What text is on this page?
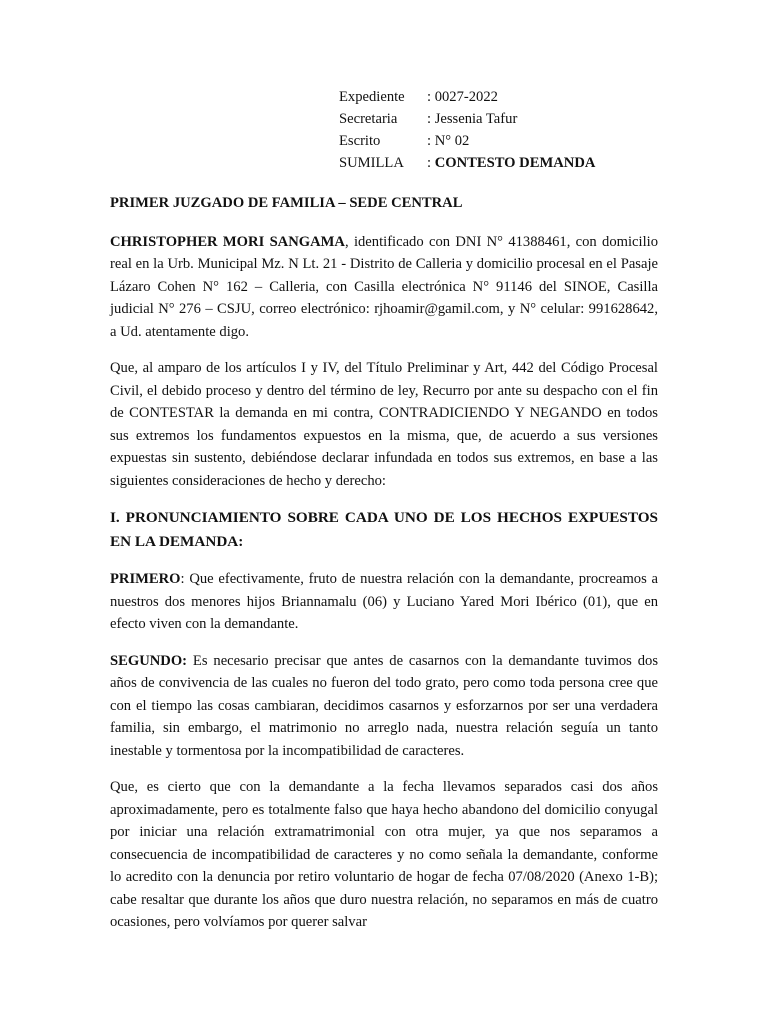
Expediente	: 0027-2022
Secretaria	: Jessenia Tafur
Escrito	: N° 02
SUMILLA	: CONTESTO DEMANDA
PRIMER JUZGADO DE FAMILIA – SEDE CENTRAL

CHRISTOPHER MORI SANGAMA, identificado con DNI N° 41388461, con domicilio real en la Urb. Municipal Mz. N Lt. 21 - Distrito de Calleria y domicilio procesal en el Pasaje Lázaro Cohen N° 162 – Calleria, con Casilla electrónica N° 91146 del SINOE, Casilla judicial N° 276 – CSJU, correo electrónico: rjhoamir@gamil.com, y N° celular: 991628642, a Ud. atentamente digo.

Que, al amparo de los artículos I y IV, del Título Preliminar y Art, 442 del Código Procesal Civil, el debido proceso y dentro del término de ley, Recurro por ante su despacho con el fin de CONTESTAR la demanda en mi contra, CONTRADICIENDO Y NEGANDO en todos sus extremos los fundamentos expuestos en la misma, que, de acuerdo a sus versiones expuestas sin sustento, debiéndose declarar infundada en todos sus extremos, en base a las siguientes consideraciones de hecho y derecho:

I. PRONUNCIAMIENTO SOBRE CADA UNO DE LOS HECHOS EXPUESTOS EN LA DEMANDA:

PRIMERO: Que efectivamente, fruto de nuestra relación con la demandante, procreamos a nuestros dos menores hijos Briannamalu (06) y Luciano Yared Mori Ibérico (01), que en efecto viven con la demandante.

SEGUNDO: Es necesario precisar que antes de casarnos con la demandante tuvimos dos años de convivencia de las cuales no fueron del todo grato, pero como toda persona cree que con el tiempo las cosas cambiaran, decidimos casarnos y esforzarnos por ser una verdadera familia, sin embargo, el matrimonio no arreglo nada, nuestra relación seguía un tanto inestable y tormentosa por la incompatibilidad de caracteres.

Que, es cierto que con la demandante a la fecha llevamos separados casi dos años aproximadamente, pero es totalmente falso que haya hecho abandono del domicilio conyugal por iniciar una relación extramatrimonial con otra mujer, ya que nos separamos a consecuencia de incompatibilidad de caracteres y no como señala la demandante, conforme lo acredito con la denuncia por retiro voluntario de hogar de fecha 07/08/2020 (Anexo 1-B); cabe resaltar que durante los años que duro nuestra relación, no separamos en más de cuatro ocasiones, pero volvíamos por querer salvar
